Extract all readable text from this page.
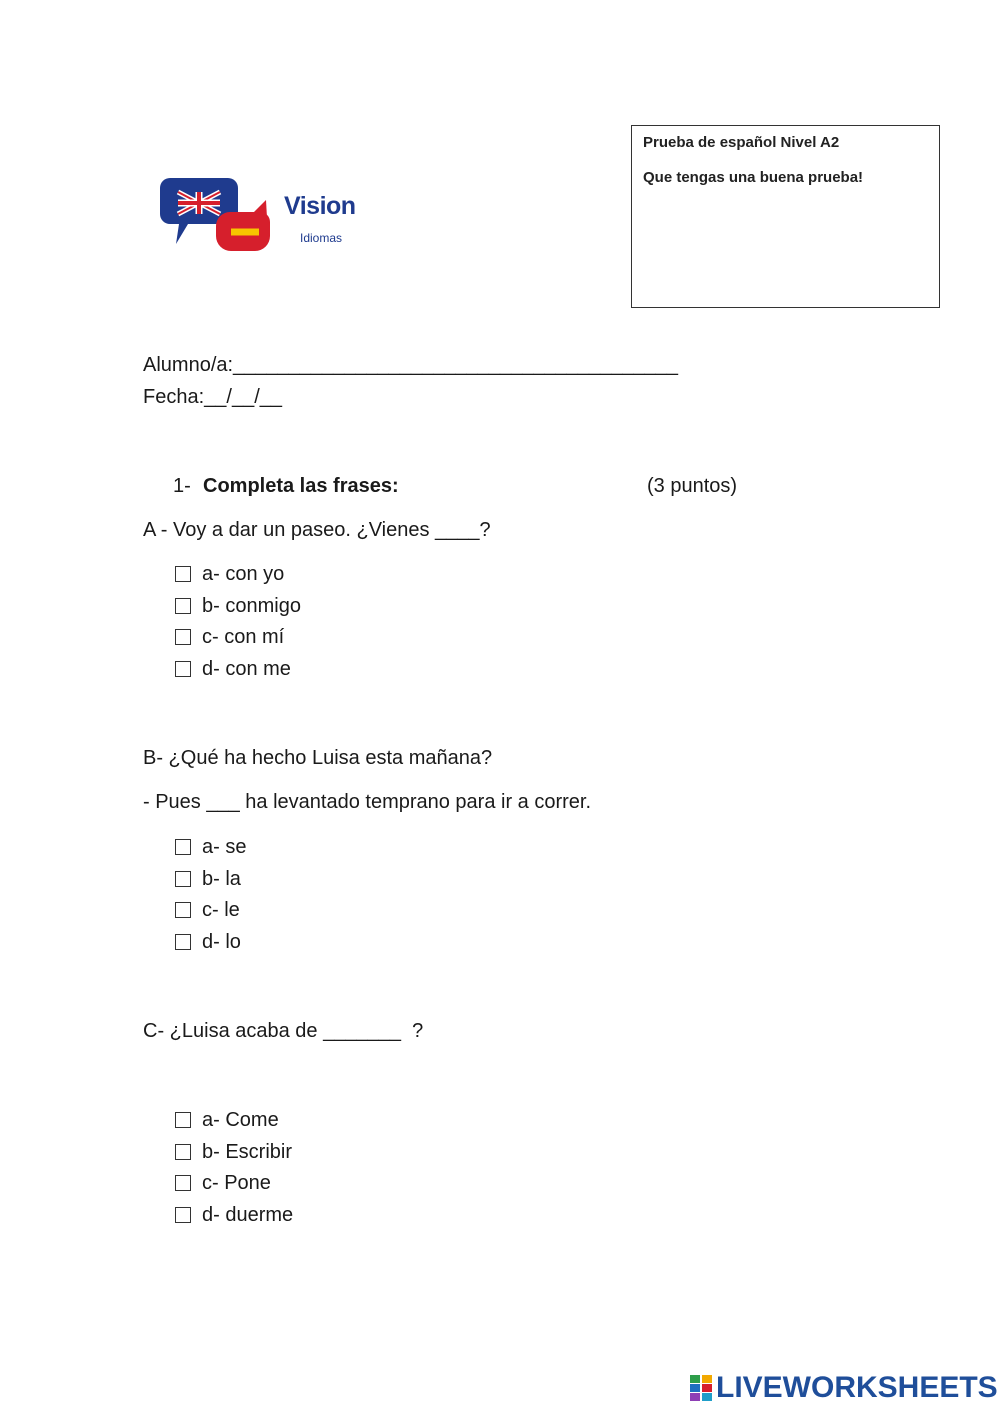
Vision
Idiomas
Prueba de español Nivel A2
Que tengas una buena prueba!
Alumno/a:________________________________________
Fecha:__/__/__
1- Completa las frases:	(3 puntos)
A - Voy a dar un paseo. ¿Vienes ____?
a- con yo
b- conmigo
c- con mí
d- con me
B- ¿Qué ha hecho Luisa esta mañana?
- Pues ___ ha levantado temprano para ir a correr.
a- se
b- la
c- le
d- lo
C- ¿Luisa acaba de _______  ?
a- Come
b- Escribir
c- Pone
d- duerme
LIVEWORKSHEETS
